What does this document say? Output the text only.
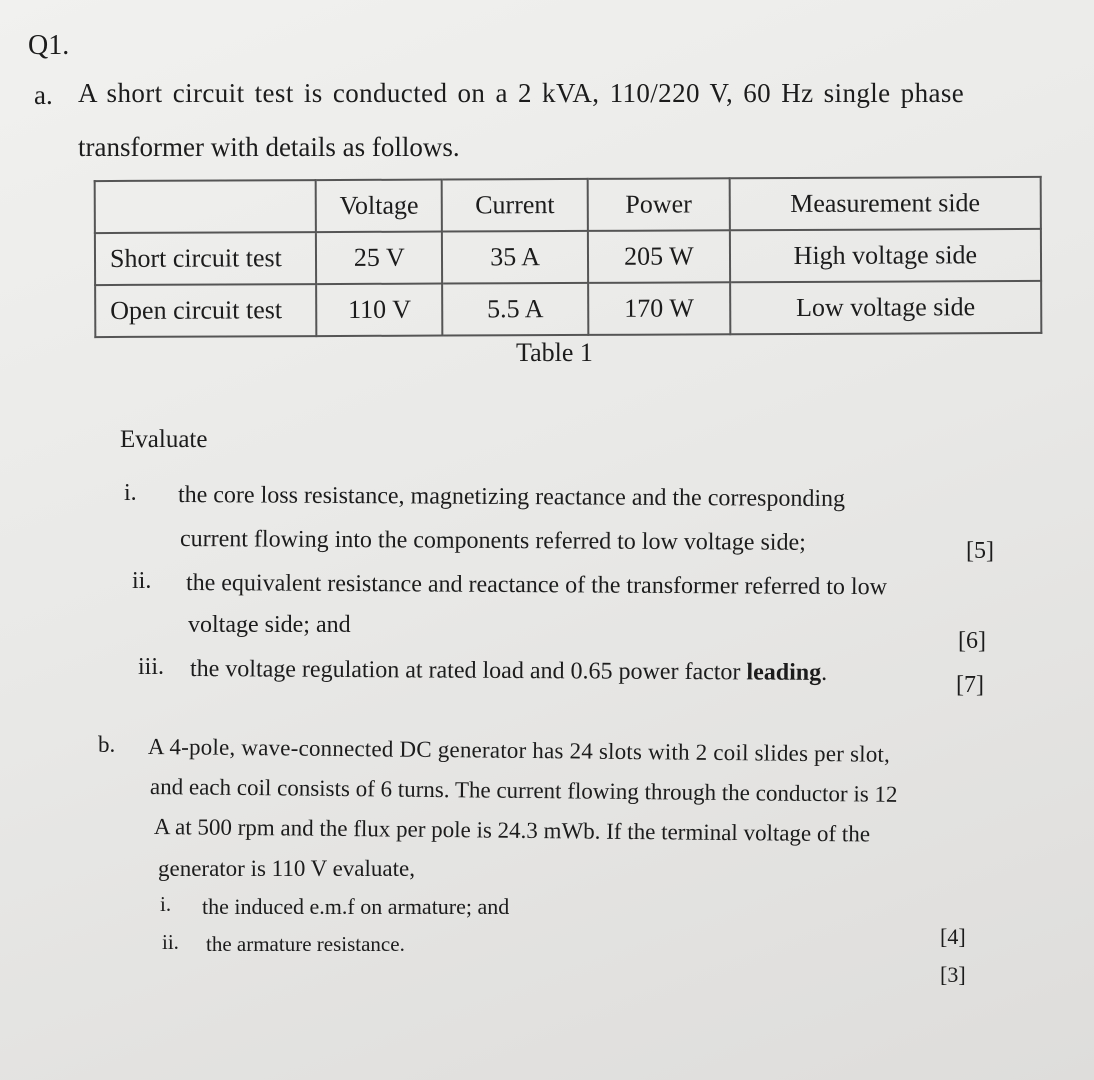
Q1.
a. A short circuit test is conducted on a 2 kVA, 110/220 V, 60 Hz single phase
transformer with details as follows.
	Voltage	Current	Power	Measurement side
Short circuit test	25 V	35 A	205 W	High voltage side
Open circuit test	110 V	5.5 A	170 W	Low voltage side
Table 1
Evaluate
i. the core loss resistance, magnetizing reactance and the corresponding
current flowing into the components referred to low voltage side;	[5]
ii. the equivalent resistance and reactance of the transformer referred to low
voltage side; and
[6]
iii. the voltage regulation at rated load and 0.65 power factor leading.	[7]
b. A 4-pole, wave-connected DC generator has 24 slots with 2 coil slides per slot,
and each coil consists of 6 turns. The current flowing through the conductor is 12
A at 500 rpm and the flux per pole is 24.3 mWb. If the terminal voltage of the
generator is 110 V evaluate,
i. the induced e.m.f on armature; and
[4]
ii. the armature resistance.
[3]
